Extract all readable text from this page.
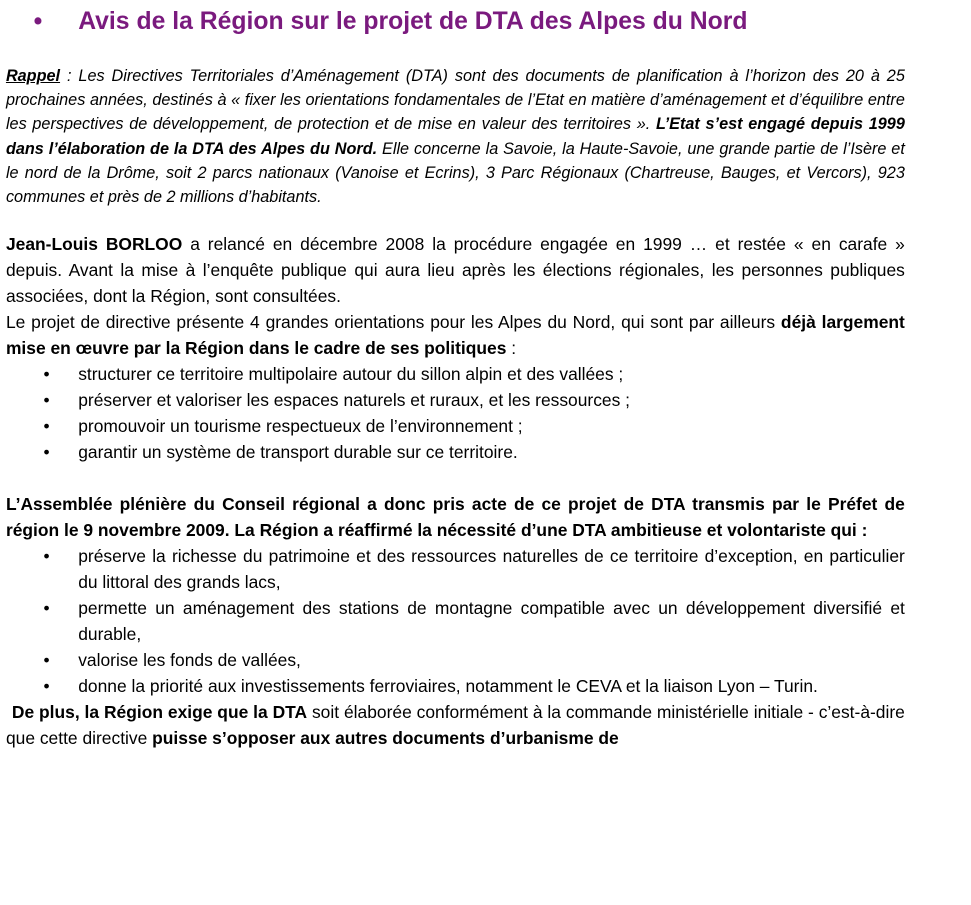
•	Avis de la Région sur le projet de DTA des Alpes du Nord

Rappel : Les Directives Territoriales d’Aménagement (DTA) sont des documents de planification à l’horizon des 20 à 25 prochaines années, destinés à « fixer les orientations fondamentales de l’Etat en matière d’aménagement et d’équilibre entre les perspectives de développement, de protection et de mise en valeur des territoires ». L’Etat s’est engagé depuis 1999 dans l’élaboration de la DTA des Alpes du Nord. Elle concerne la Savoie, la Haute-Savoie, une grande partie de l’Isère et le nord de la Drôme, soit 2 parcs nationaux (Vanoise et Ecrins), 3 Parc Régionaux (Chartreuse, Bauges, et Vercors), 923 communes et près de 2 millions d’habitants.

Jean-Louis BORLOO a relancé en décembre 2008 la procédure engagée en 1999 … et restée « en carafe » depuis. Avant la mise à l’enquête publique qui aura lieu après les élections régionales, les personnes publiques associées, dont la Région, sont consultées.

Le projet de directive présente 4 grandes orientations pour les Alpes du Nord, qui sont par ailleurs déjà largement mise en œuvre par la Région dans le cadre de ses politiques :

• structurer ce territoire multipolaire autour du sillon alpin et des vallées ;
• préserver et valoriser les espaces naturels et ruraux, et les ressources ;
• promouvoir un tourisme respectueux de l’environnement ;
• garantir un système de transport durable sur ce territoire.

L’Assemblée plénière du Conseil régional a donc pris acte de ce projet de DTA transmis par le Préfet de région le 9 novembre 2009. La Région a réaffirmé la nécessité d’une DTA ambitieuse et volontariste qui :

• préserve la richesse du patrimoine et des ressources naturelles de ce territoire d’exception, en particulier du littoral des grands lacs,
• permette un aménagement des stations de montagne compatible avec un développement diversifié et durable,
• valorise les fonds de vallées,
• donne la priorité aux investissements ferroviaires, notamment le CEVA et la liaison Lyon – Turin.

De plus, la Région exige que la DTA soit élaborée conformément à la commande ministérielle initiale - c’est-à-dire que cette directive puisse s’opposer aux autres documents d’urbanisme de
